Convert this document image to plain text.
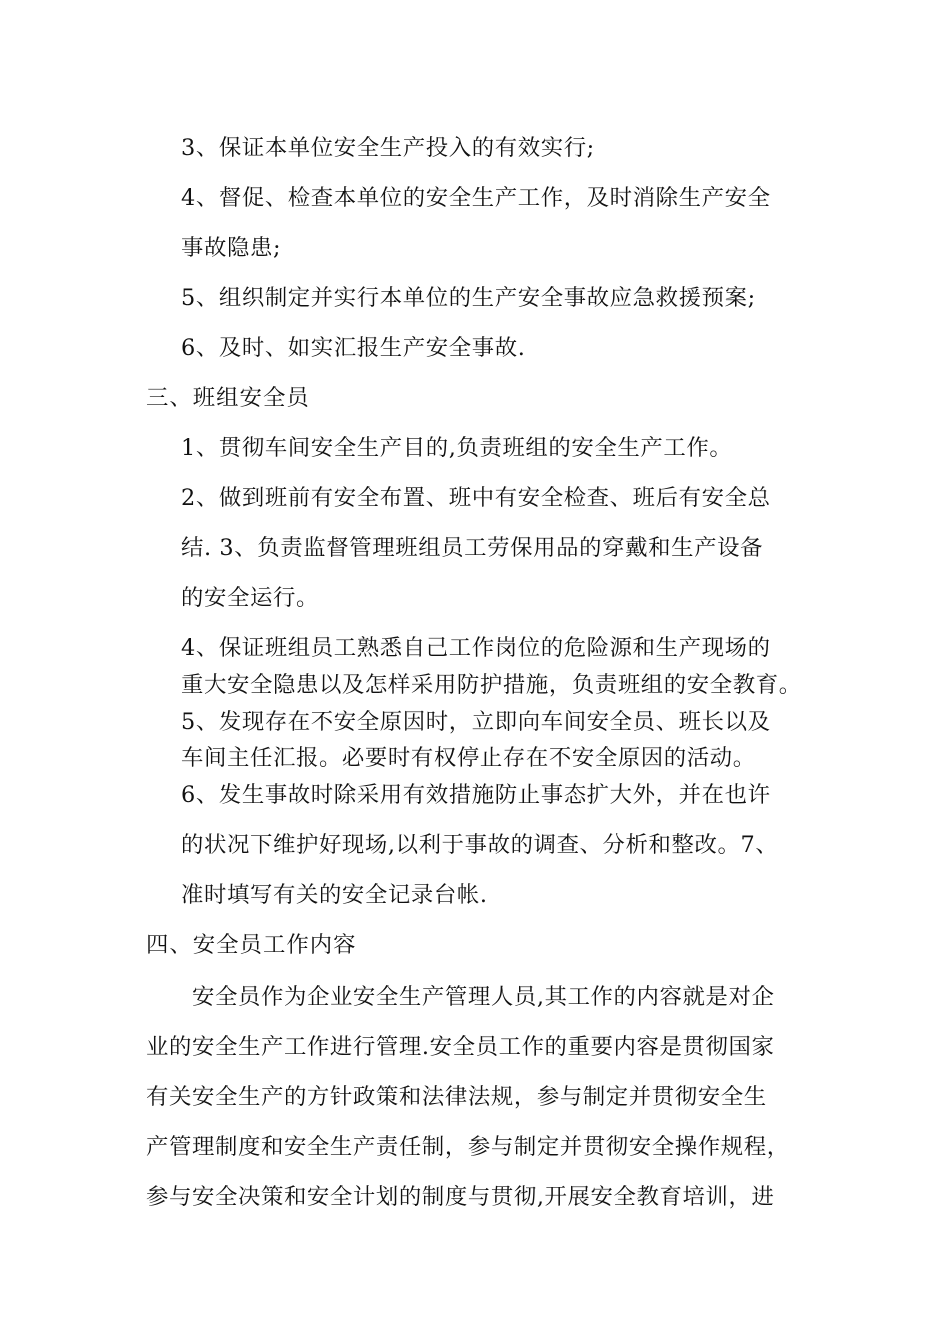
3、保证本单位安全生产投入的有效实行;
4、督促、检查本单位的安全生产工作，及时消除生产安全
事故隐患;
5、组织制定并实行本单位的生产安全事故应急救援预案;
6、及时、如实汇报生产安全事故.
三、班组安全员
1、贯彻车间安全生产目的,负责班组的安全生产工作。
2、做到班前有安全布置、班中有安全检查、班后有安全总
结. 3、负责监督管理班组员工劳保用品的穿戴和生产设备
的安全运行。
4、保证班组员工熟悉自己工作岗位的危险源和生产现场的
重大安全隐患以及怎样采用防护措施，负责班组的安全教育。
5、发现存在不安全原因时，立即向车间安全员、班长以及
车间主任汇报。必要时有权停止存在不安全原因的活动。
6、发生事故时除采用有效措施防止事态扩大外，并在也许
的状况下维护好现场,以利于事故的调查、分析和整改。7、
准时填写有关的安全记录台帐.
四、安全员工作内容
安全员作为企业安全生产管理人员,其工作的内容就是对企
业的安全生产工作进行管理.安全员工作的重要内容是贯彻国家
有关安全生产的方针政策和法律法规，参与制定并贯彻安全生
产管理制度和安全生产责任制，参与制定并贯彻安全操作规程，
参与安全决策和安全计划的制度与贯彻,开展安全教育培训，进
